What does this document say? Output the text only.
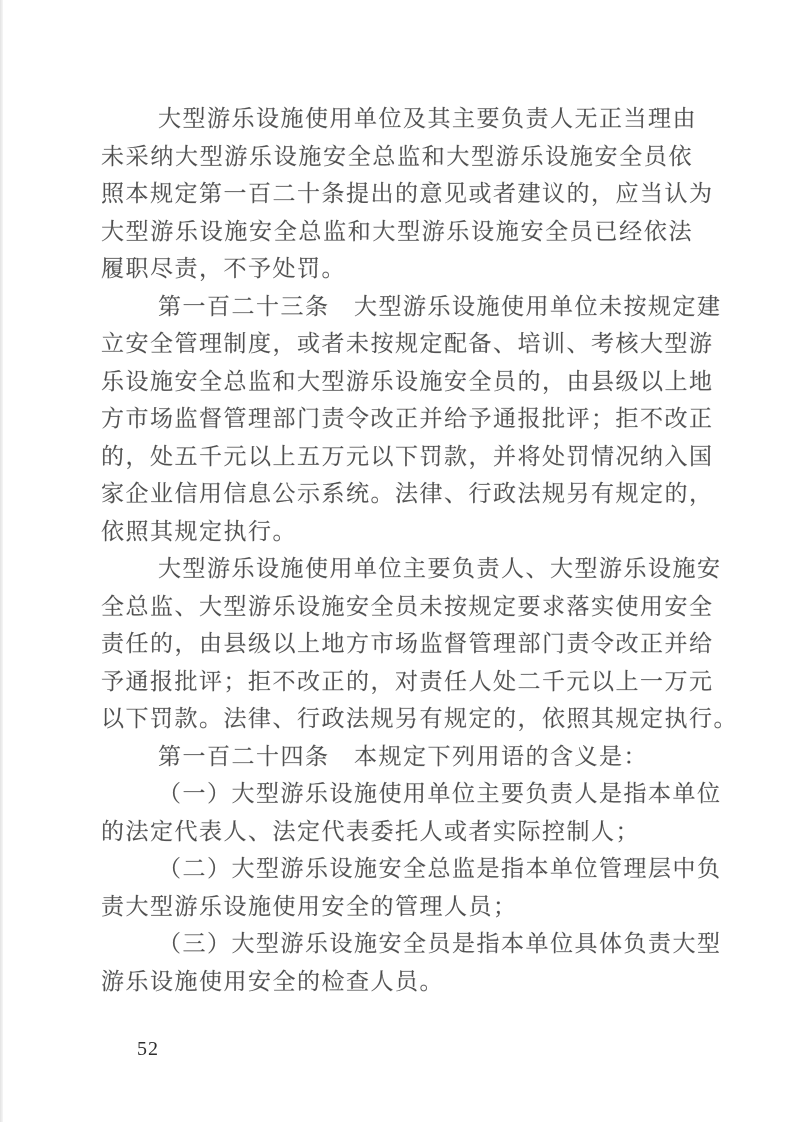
大型游乐设施使用单位及其主要负责人无正当理由
未采纳大型游乐设施安全总监和大型游乐设施安全员依
照本规定第一百二十条提出的意见或者建议的，应当认为
大型游乐设施安全总监和大型游乐设施安全员已经依法
履职尽责，不予处罚。
第一百二十三条　大型游乐设施使用单位未按规定建
立安全管理制度，或者未按规定配备、培训、考核大型游
乐设施安全总监和大型游乐设施安全员的，由县级以上地
方市场监督管理部门责令改正并给予通报批评；拒不改正
的，处五千元以上五万元以下罚款，并将处罚情况纳入国
家企业信用信息公示系统。法律、行政法规另有规定的，
依照其规定执行。
大型游乐设施使用单位主要负责人、大型游乐设施安
全总监、大型游乐设施安全员未按规定要求落实使用安全
责任的，由县级以上地方市场监督管理部门责令改正并给
予通报批评；拒不改正的，对责任人处二千元以上一万元
以下罚款。法律、行政法规另有规定的，依照其规定执行。
第一百二十四条　本规定下列用语的含义是：
（一）大型游乐设施使用单位主要负责人是指本单位
的法定代表人、法定代表委托人或者实际控制人；
（二）大型游乐设施安全总监是指本单位管理层中负
责大型游乐设施使用安全的管理人员；
（三）大型游乐设施安全员是指本单位具体负责大型
游乐设施使用安全的检查人员。
52
